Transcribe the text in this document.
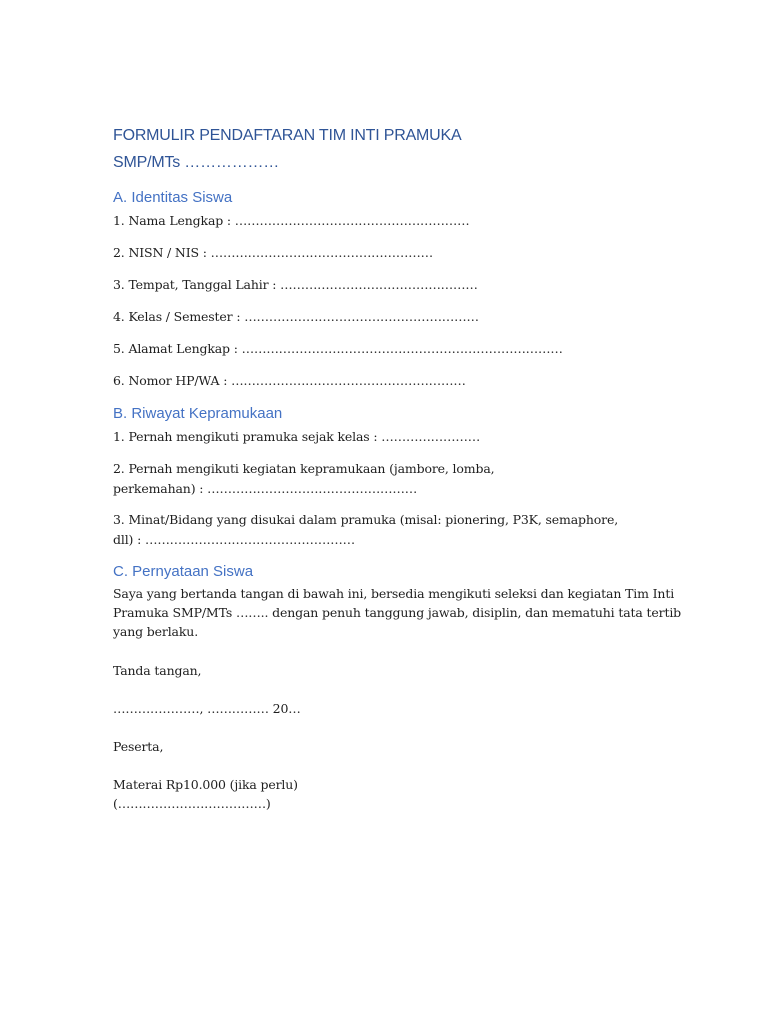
FORMULIR PENDAFTARAN TIM INTI PRAMUKA
SMP/MTs ………………
A. Identitas Siswa
1. Nama Lengkap : …………………………………………………
2. NISN / NIS : ………………………………………………
3. Tempat, Tanggal Lahir : …………………………………………
4. Kelas / Semester : …………………………………………………
5. Alamat Lengkap : ……………………………………………………………………
6. Nomor HP/WA : …………………………………………………
B. Riwayat Kepramukaan
1. Pernah mengikuti pramuka sejak kelas : ……………………
2. Pernah mengikuti kegiatan kepramukaan (jambore, lomba,
perkemahan) : ……………………………………………
3. Minat/Bidang yang disukai dalam pramuka (misal: pionering, P3K, semaphore,
dll) : ……………………………………………
C. Pernyataan Siswa
Saya yang bertanda tangan di bawah ini, bersedia mengikuti seleksi dan kegiatan Tim Inti
Pramuka SMP/MTs …….. dengan penuh tanggung jawab, disiplin, dan mematuhi tata tertib
yang berlaku.
Tanda tangan,
…………………, …………… 20…
Peserta,
Materai Rp10.000 (jika perlu)
(………………………………)
